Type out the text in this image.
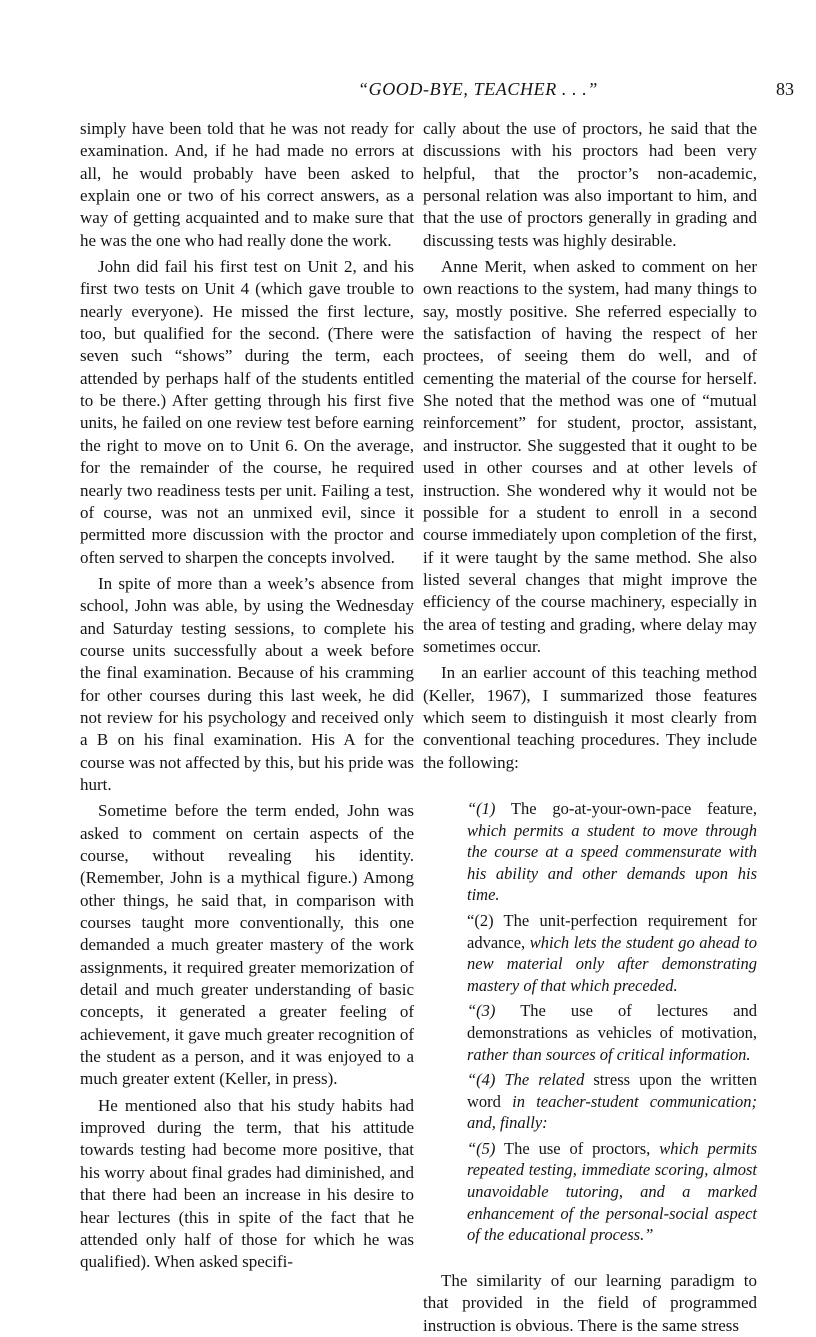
“GOOD-BYE, TEACHER . . .”	83

simply have been told that he was not ready for examination. And, if he had made no errors at all, he would probably have been asked to explain one or two of his correct answers, as a way of getting acquainted and to make sure that he was the one who had really done the work.

John did fail his first test on Unit 2, and his first two tests on Unit 4 (which gave trouble to nearly everyone). He missed the first lecture, too, but qualified for the second. (There were seven such “shows” during the term, each attended by perhaps half of the students entitled to be there.) After getting through his first five units, he failed on one review test before earning the right to move on to Unit 6. On the average, for the remainder of the course, he required nearly two readiness tests per unit. Failing a test, of course, was not an unmixed evil, since it permitted more discussion with the proctor and often served to sharpen the concepts involved.

In spite of more than a week’s absence from school, John was able, by using the Wednesday and Saturday testing sessions, to complete his course units successfully about a week before the final examination. Because of his cramming for other courses during this last week, he did not review for his psychology and received only a B on his final examination. His A for the course was not affected by this, but his pride was hurt.

Sometime before the term ended, John was asked to comment on certain aspects of the course, without revealing his identity. (Remember, John is a mythical figure.) Among other things, he said that, in comparison with courses taught more conventionally, this one demanded a much greater mastery of the work assignments, it required greater memorization of detail and much greater understanding of basic concepts, it generated a greater feeling of achievement, it gave much greater recognition of the student as a person, and it was enjoyed to a much greater extent (Keller, in press).

He mentioned also that his study habits had improved during the term, that his attitude towards testing had become more positive, that his worry about final grades had diminished, and that there had been an increase in his desire to hear lectures (this in spite of the fact that he attended only half of those for which he was qualified). When asked specifi-

cally about the use of proctors, he said that the discussions with his proctors had been very helpful, that the proctor’s non-academic, personal relation was also important to him, and that the use of proctors generally in grading and discussing tests was highly desirable.

Anne Merit, when asked to comment on her own reactions to the system, had many things to say, mostly positive. She referred especially to the satisfaction of having the respect of her proctees, of seeing them do well, and of cementing the material of the course for herself. She noted that the method was one of “mutual reinforcement” for student, proctor, assistant, and instructor. She suggested that it ought to be used in other courses and at other levels of instruction. She wondered why it would not be possible for a student to enroll in a second course immediately upon completion of the first, if it were taught by the same method. She also listed several changes that might improve the efficiency of the course machinery, especially in the area of testing and grading, where delay may sometimes occur.

In an earlier account of this teaching method (Keller, 1967), I summarized those features which seem to distinguish it most clearly from conventional teaching procedures. They include the following:

“(1) The go-at-your-own-pace feature, which permits a student to move through the course at a speed commensurate with his ability and other demands upon his time.

“(2) The unit-perfection requirement for advance, which lets the student go ahead to new material only after demonstrating mastery of that which preceded.

“(3) The use of lectures and demonstrations as vehicles of motivation, rather than sources of critical information.

“(4) The related stress upon the written word in teacher-student communication; and, finally:

“(5) The use of proctors, which permits repeated testing, immediate scoring, almost unavoidable tutoring, and a marked enhancement of the personal-social aspect of the educational process.”

The similarity of our learning paradigm to that provided in the field of programmed instruction is obvious. There is the same stress
